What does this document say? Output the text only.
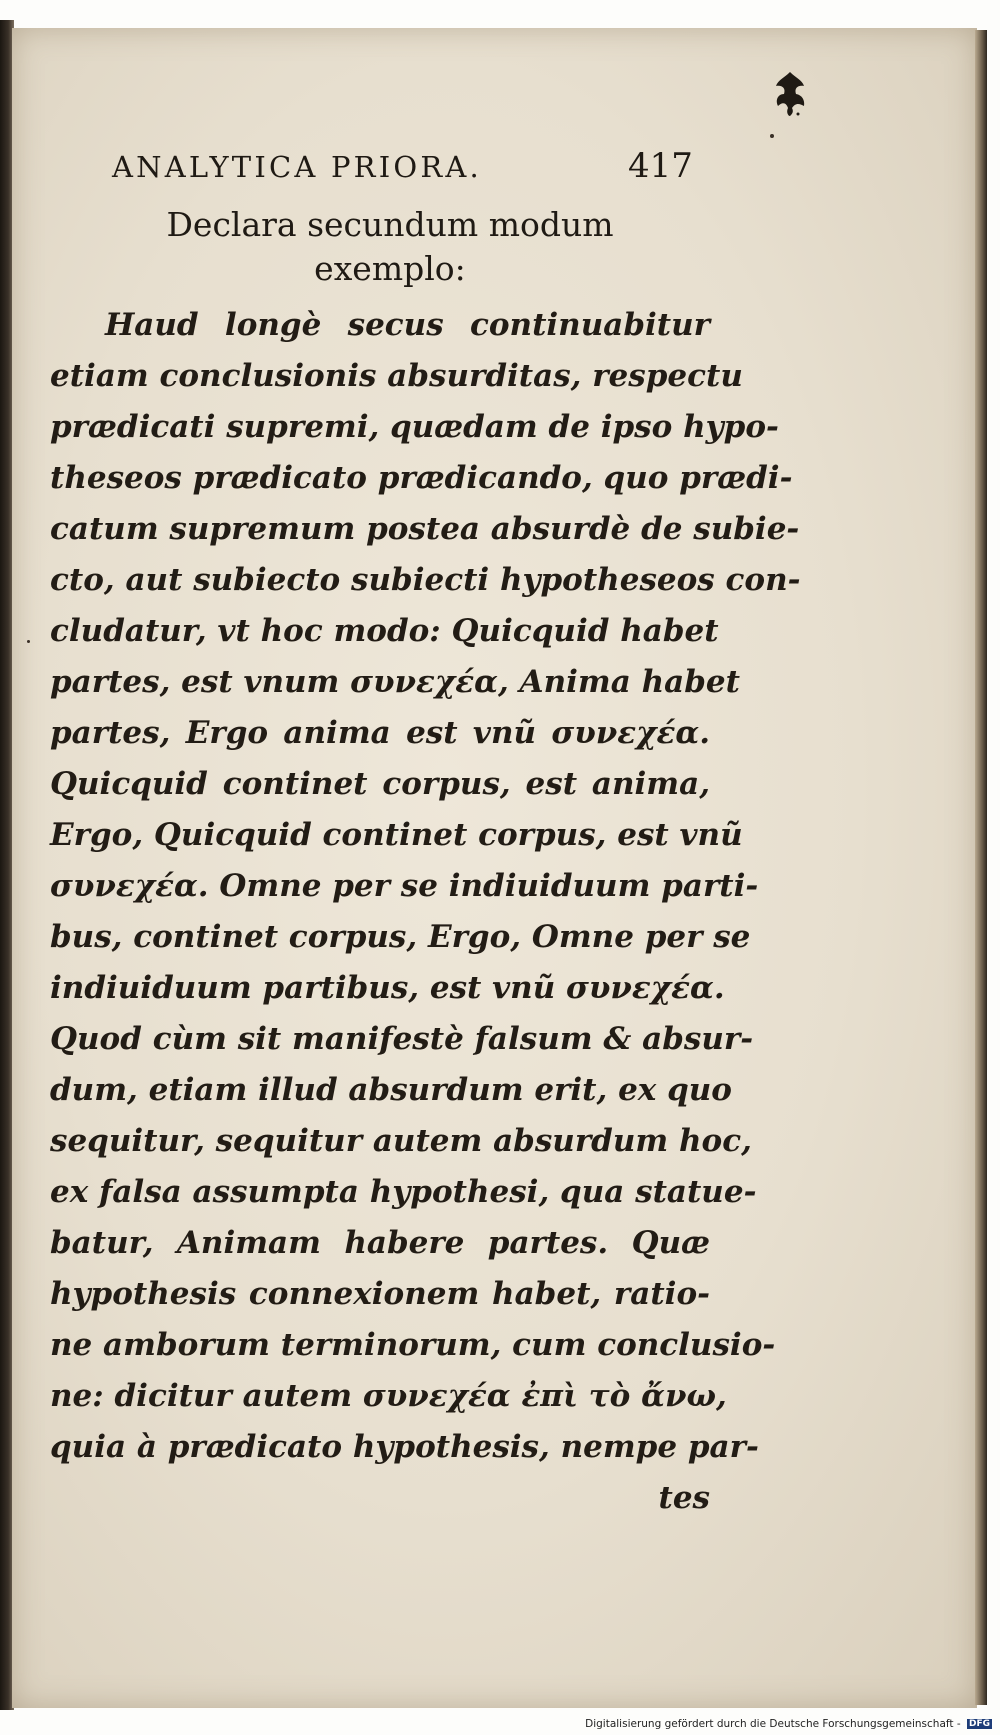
ANALYTICA PRIORA.	417
Declara secundum modum
exemplo:
Haud longè secus continuabitur
etiam conclusionis absurditas, respectu
prædicati supremi, quædam de ipso hypo-
theseos prædicato prædicando, quo prædi-
catum supremum postea absurdè de subie-
cto, aut subiecto subiecti hypotheseos con-
cludatur, vt hoc modo: Quicquid habet
partes, est vnum συνεχέα, Anima habet
partes, Ergo anima est vnũ συνεχέα.
Quicquid continet corpus, est anima,
Ergo, Quicquid continet corpus, est vnũ
συνεχέα. Omne per se indiuiduum parti-
bus, continet corpus, Ergo, Omne per se
indiuiduum partibus, est vnũ συνεχέα.
Quod cùm sit manifestè falsum & absur-
dum, etiam illud absurdum erit, ex quo
sequitur, sequitur autem absurdum hoc,
ex falsa assumpta hypothesi, qua statue-
batur, Animam habere partes. Quæ
hypothesis connexionem habet, ratio-
ne amborum terminorum, cum conclusio-
ne: dicitur autem συνεχέα ἐπὶ τὸ ἄνω,
quia à prædicato hypothesis, nempe par-
tes
Digitalisierung gefördert durch die Deutsche Forschungsgemeinschaft - DFG
